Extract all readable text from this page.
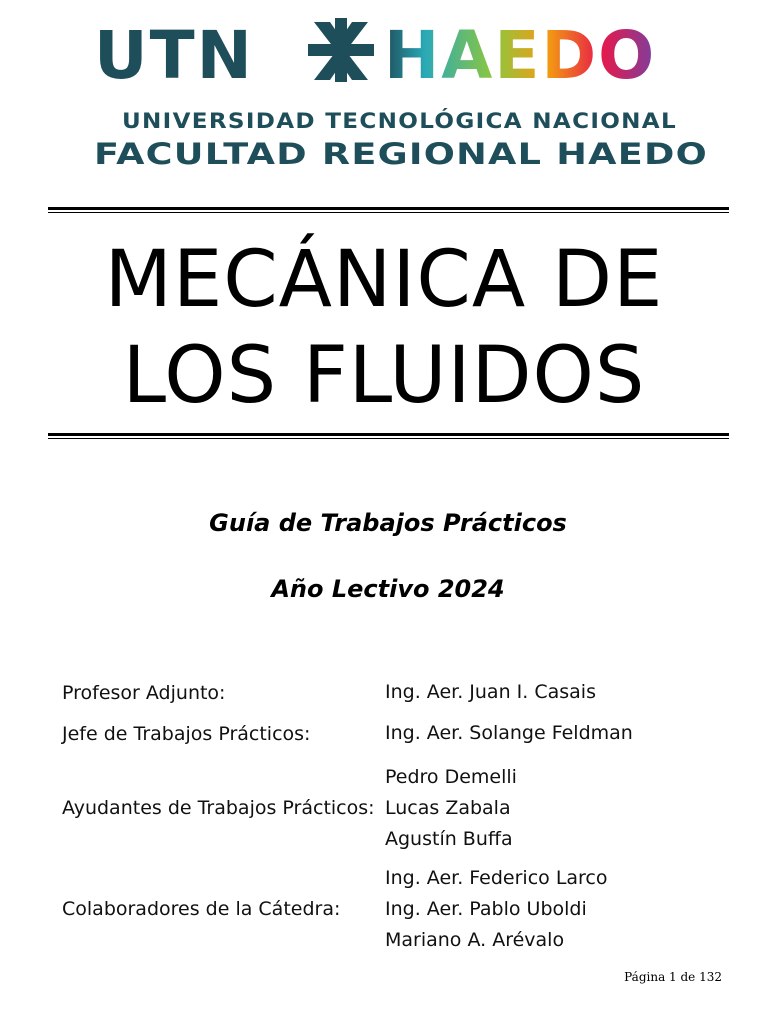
UTN HAEDO
UNIVERSIDAD TECNOLÓGICA NACIONAL
FACULTAD REGIONAL HAEDO
MECÁNICA DE
LOS FLUIDOS

Guía de Trabajos Prácticos

Año Lectivo 2024

Profesor Adjunto:	Ing. Aer. Juan I. Casais
Jefe de Trabajos Prácticos:	Ing. Aer. Solange Feldman
Ayudantes de Trabajos Prácticos:
Pedro Demelli
Lucas Zabala
Agustín Buffa
Colaboradores de la Cátedra:
Ing. Aer. Federico Larco
Ing. Aer. Pablo Uboldi
Mariano A. Arévalo
Página 1 de 132
